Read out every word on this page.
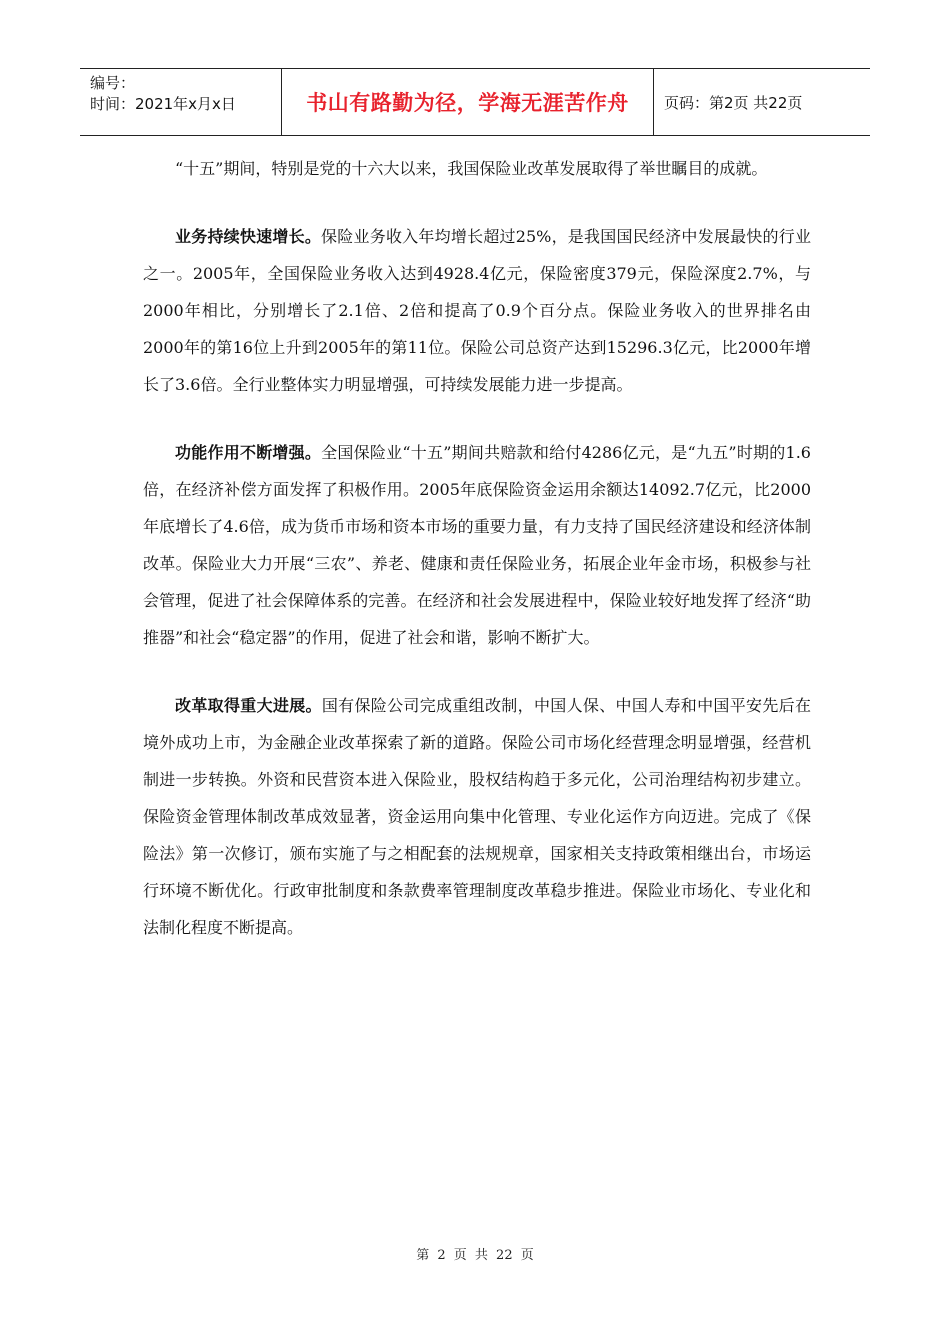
编号：
时间：2021年x月x日	书山有路勤为径，学海无涯苦作舟	页码：第2页 共22页

“十五”期间，特别是党的十六大以来，我国保险业改革发展取得了举世瞩目的成就。

业务持续快速增长。保险业务收入年均增长超过25%，是我国国民经济中发展最快的行业之一。2005年，全国保险业务收入达到4928.4亿元，保险密度379元，保险深度2.7%，与2000年相比，分别增长了2.1倍、2倍和提高了0.9个百分点。保险业务收入的世界排名由2000年的第16位上升到2005年的第11位。保险公司总资产达到15296.3亿元，比2000年增长了3.6倍。全行业整体实力明显增强，可持续发展能力进一步提高。

功能作用不断增强。全国保险业“十五”期间共赔款和给付4286亿元，是“九五”时期的1.6倍，在经济补偿方面发挥了积极作用。2005年底保险资金运用余额达14092.7亿元，比2000年底增长了4.6倍，成为货币市场和资本市场的重要力量，有力支持了国民经济建设和经济体制改革。保险业大力开展“三农”、养老、健康和责任保险业务，拓展企业年金市场，积极参与社会管理，促进了社会保障体系的完善。在经济和社会发展进程中，保险业较好地发挥了经济“助推器”和社会“稳定器”的作用，促进了社会和谐，影响不断扩大。

改革取得重大进展。国有保险公司完成重组改制，中国人保、中国人寿和中国平安先后在境外成功上市，为金融企业改革探索了新的道路。保险公司市场化经营理念明显增强，经营机制进一步转换。外资和民营资本进入保险业，股权结构趋于多元化，公司治理结构初步建立。保险资金管理体制改革成效显著，资金运用向集中化管理、专业化运作方向迈进。完成了《保险法》第一次修订，颁布实施了与之相配套的法规规章，国家相关支持政策相继出台，市场运行环境不断优化。行政审批制度和条款费率管理制度改革稳步推进。保险业市场化、专业化和法制化程度不断提高。

第 2 页 共 22 页
